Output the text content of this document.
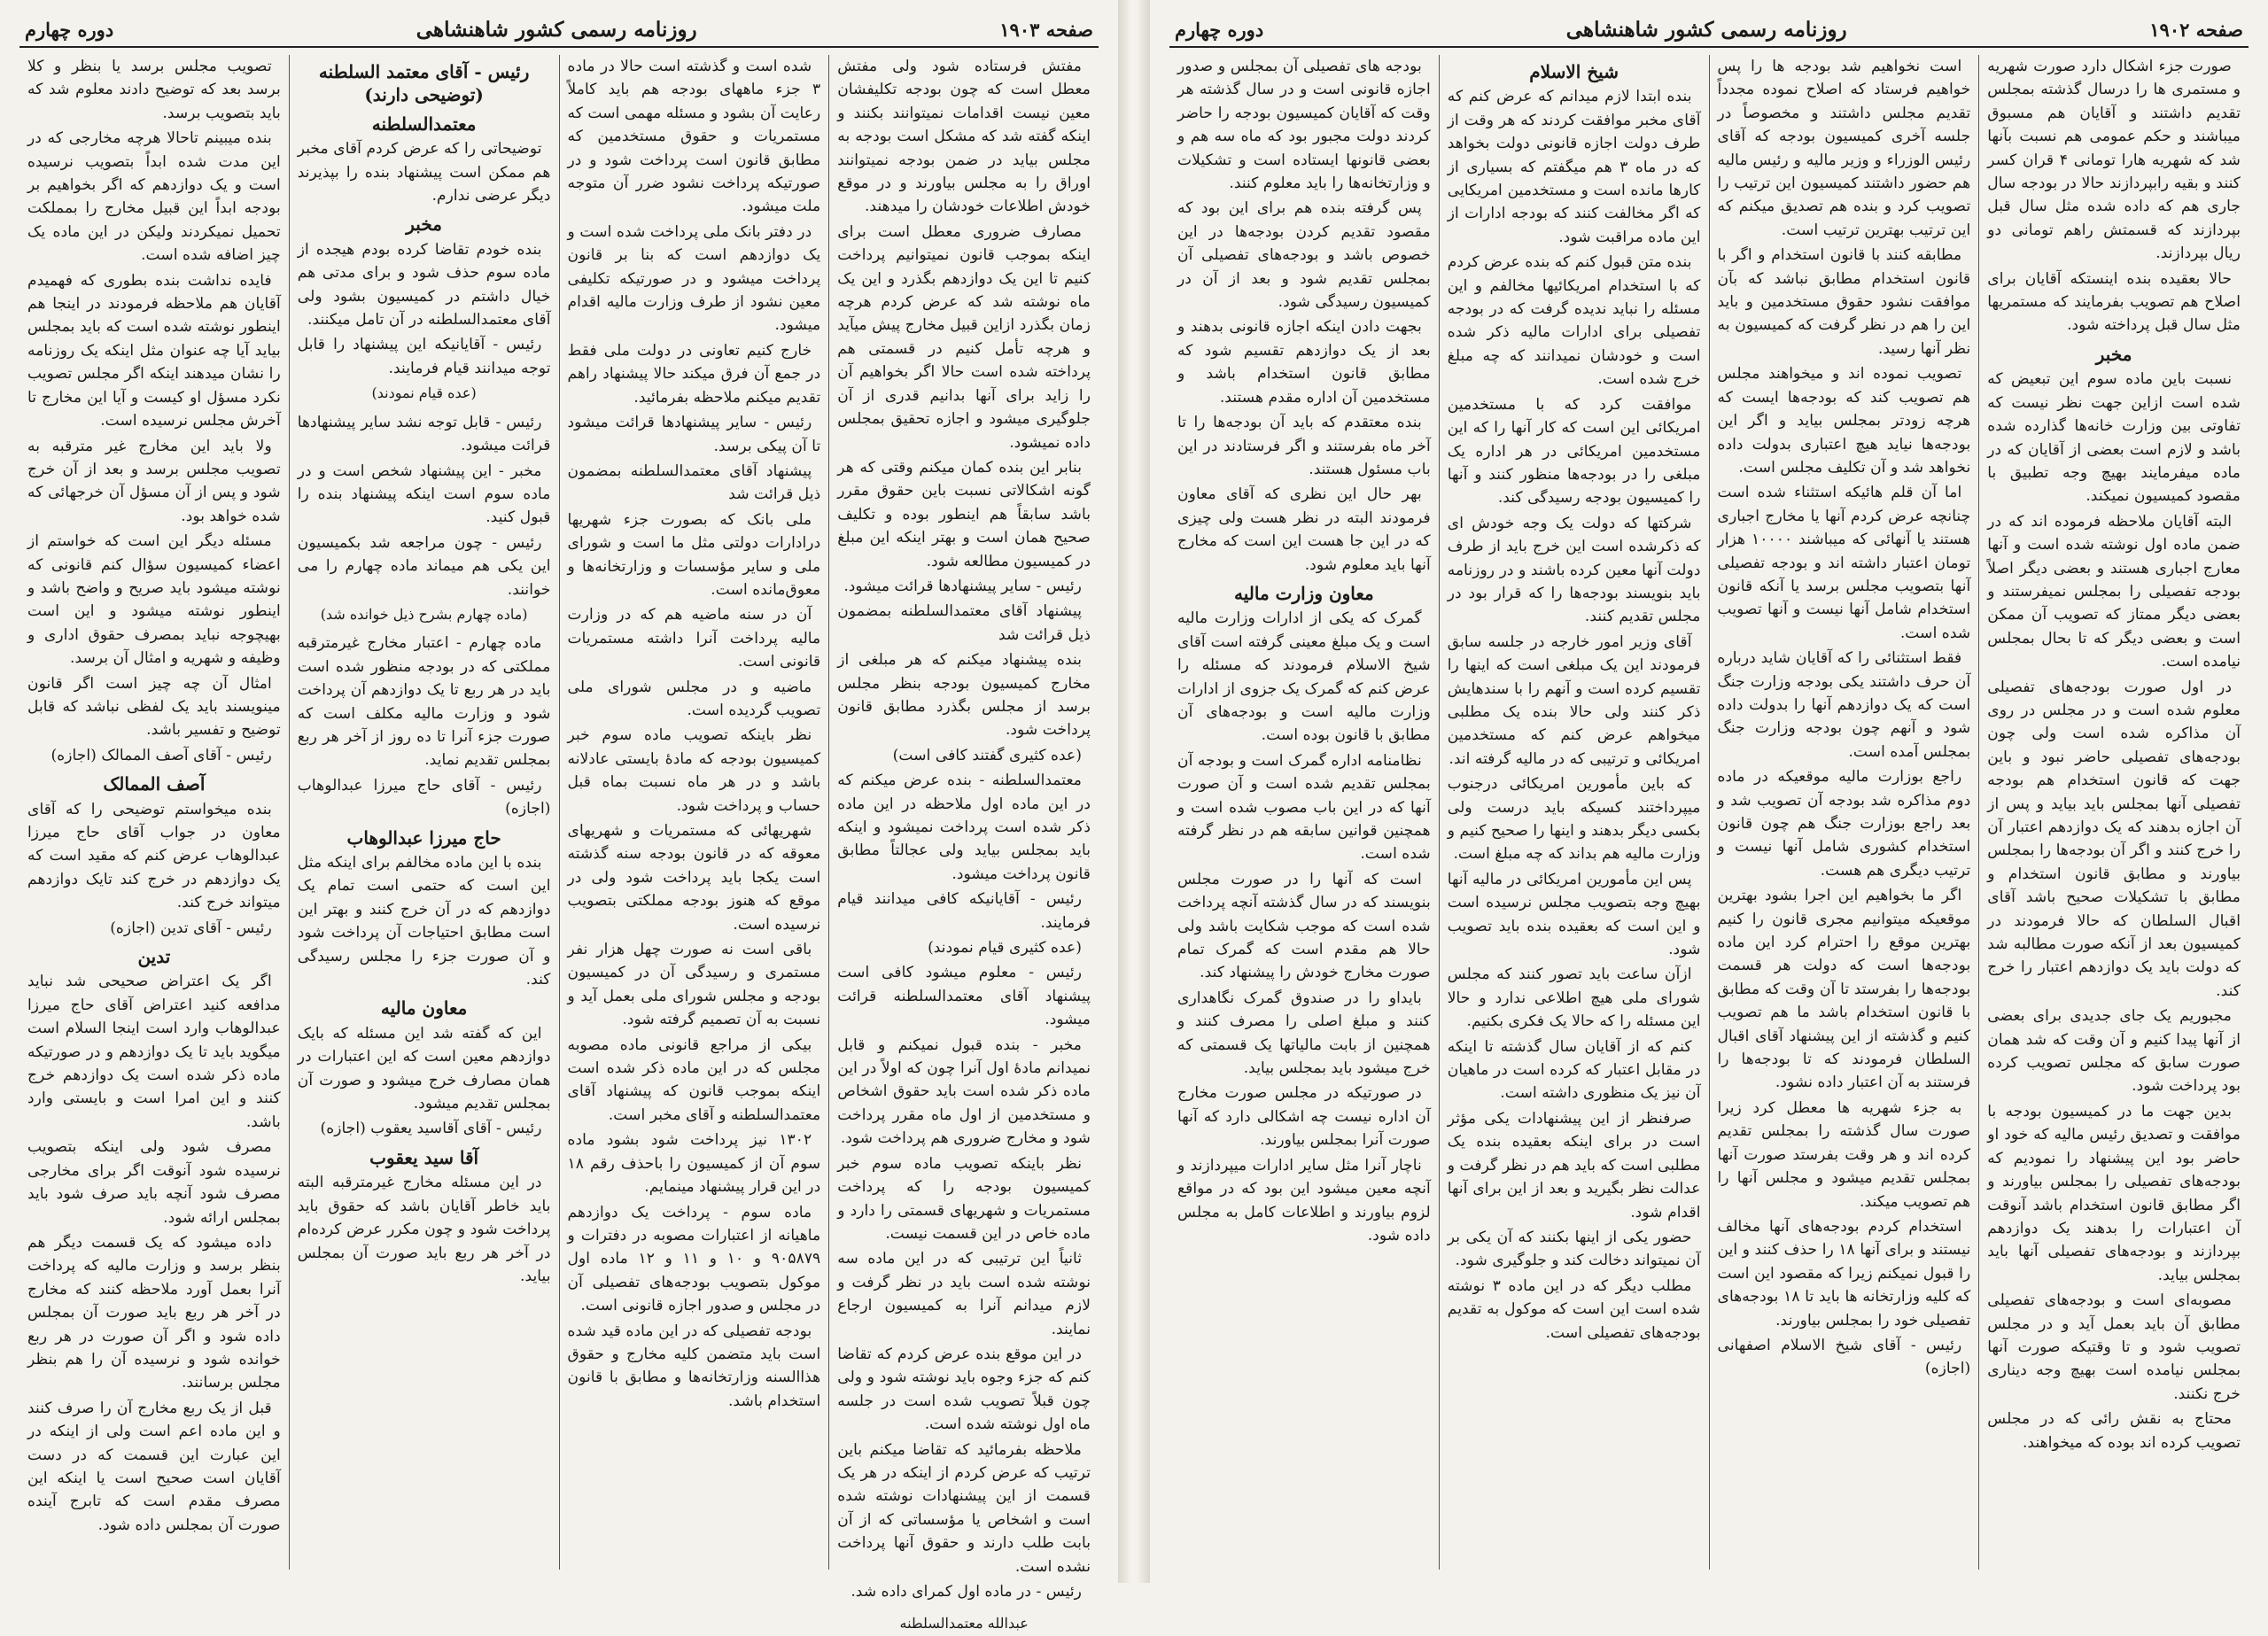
صفحه ۱۹۰۳
روزنامه رسمی کشور شاهنشاهی
دوره چهارم

مفتش فرستاده شود ولی مفتش معطل است که چون بودجه تکلیفشان معین نیست اقدامات نمیتوانند بکنند و اینکه گفته شد که مشکل است بودجه به مجلس بیاید در ضمن بودجه نمیتوانند اوراق را به مجلس بیاورند و در موقع خودش اطلاعات خودشان را میدهند.

مصارف ضروری معطل است برای اینکه بموجب قانون نمیتوانیم پرداخت کنیم تا این یک دوازدهم بگذرد و این یک ماه نوشته شد که عرض کردم هرچه زمان بگذرد ازاین قبیل مخارج پیش میآید و هرچه تأمل کنیم در قسمتی هم پرداخته شده است حالا اگر بخواهیم آن را زاید برای آنها بدانیم قدری از آن جلوگیری میشود و اجازه تحقیق بمجلس داده نمیشود.

بنابر این بنده کمان میکنم وقتی که هر گونه اشکالاتی نسبت باین حقوق مقرر باشد سابقاً هم اینطور بوده و تکلیف صحیح همان است و بهتر اینکه این مبلغ در کمیسیون مطالعه شود.

رئیس - سایر پیشنهادها قرائت میشود.

پیشنهاد آقای معتمدالسلطنه بمضمون ذیل قرائت شد

بنده پیشنهاد میکنم که هر مبلغی از مخارج کمیسیون بودجه بنظر مجلس برسد از مجلس بگذرد مطابق قانون پرداخت شود.

(عده کثیری گفتند کافی است)

معتمدالسلطنه - بنده عرض میکنم که در این ماده اول ملاحظه در این ماده ذکر شده است پرداخت نمیشود و اینکه باید بمجلس بیاید ولی عجالتاً مطابق قانون پرداخت میشود.

رئیس - آقایانیکه کافی میدانند قیام فرمایند.

(عده کثیری قیام نمودند)

رئیس - معلوم میشود کافی است پیشنهاد آقای معتمدالسلطنه قرائت میشود.

مخبر - بنده قبول نمیکنم و قابل نمیدانم مادهٔ اول آنرا چون که اولاً در این ماده ذکر شده است باید حقوق اشخاص و مستخدمین از اول ماه مقرر پرداخت شود و مخارج ضروری هم پرداخت شود.

نظر باینکه تصویب ماده سوم خبر کمیسیون بودجه را که پرداخت مستمریات و شهریهای قسمتی را دارد و ماده خاص در این قسمت نیست.

ثانیاً این ترتیبی که در این ماده سه نوشته شده است باید در نظر گرفت و لازم میدانم آنرا به کمیسیون ارجاع نمایند.

در این موقع بنده عرض کردم که تقاضا کنم که جزء وجوه باید نوشته شود و ولی چون قبلاً تصویب شده است در جلسه ماه اول نوشته شده است.

ملاحظه بفرمائید که تقاضا میکنم باین ترتیب که عرض کردم از اینکه در هر یک قسمت از این پیشنهادات نوشته شده است و اشخاص یا مؤسساتی که از آن بابت طلب دارند و حقوق آنها پرداخت نشده است.

رئیس - در ماده اول کمرای داده شد.

عبدالله معتمدالسلطنه

شده است و گذشته است حالا در ماده ۳ جزء ماههای بودجه هم باید کاملاً رعایت آن بشود و مسئله مهمی است که مستمریات و حقوق مستخدمین که مطابق قانون است پرداخت شود و در صورتیکه پرداخت نشود ضرر آن متوجه ملت میشود.

در دفتر بانک ملی پرداخت شده است و یک دوازدهم است که بنا بر قانون پرداخت میشود و در صورتیکه تکلیفی معین نشود از طرف وزارت مالیه اقدام میشود.

خارج کنیم تعاونی در دولت ملی فقط در جمع آن فرق میکند حالا پیشنهاد راهم تقدیم میکنم ملاحظه بفرمائید.

رئیس - سایر پیشنهادها قرائت میشود تا آن پیکی برسد.

پیشنهاد آقای معتمدالسلطنه بمضمون ذیل قرائت شد

ملی بانک که بصورت جزء شهریها درادارات دولتی مثل ما است و شورای ملی و سایر مؤسسات و وزارتخانه‌ها و معوق‌مانده است.

آن در سنه ماضیه هم که در وزارت مالیه پرداخت آنرا داشته مستمریات قانونی است.

ماضیه و در مجلس شورای ملی تصویب گردیده است.

نظر باینکه تصویب ماده سوم خبر کمیسیون بودجه که مادهٔ بایستی عادلانه باشد و در هر ماه نسبت بماه قبل حساب و پرداخت شود.

شهریهائی که مستمریات و شهریهای معوقه که در قانون بودجه سنه گذشته است یکجا باید پرداخت شود ولی در موقع که هنوز بودجه مملکتی بتصویب نرسیده است.

باقی است نه صورت چهل هزار نفر مستمری و رسیدگی آن در کمیسیون بودجه و مجلس شورای ملی بعمل آید و نسبت به آن تصمیم گرفته شود.

بیکی از مراجع قانونی ماده مصوبه مجلس که در این ماده ذکر شده است اینکه بموجب قانون که پیشنهاد آقای معتمدالسلطنه و آقای مخبر است.

۱۳۰۲ نیز پرداخت شود بشود ماده سوم آن از کمیسیون را باحذف رقم ۱۸ در این قرار پیشنهاد مینمایم.

ماده سوم - پرداخت یک دوازدهم ماهیانه از اعتبارات مصوبه در دفترات و ۹۰۵۸۷۹ و ۱۰ و ۱۱ و ۱۲ ماده اول موکول بتصویب بودجه‌های تفصیلی آن در مجلس و صدور اجازه قانونی است.

بودجه تفصیلی که در این ماده قید شده است باید متضمن کلیه مخارج و حقوق هذاالسنه وزارتخانه‌ها و مطابق با قانون استخدام باشد.

رئیس - آقای معتمد السلطنه (توضیحی دارند)
معتمدالسلطنه

توضیحاتی را که عرض کردم آقای مخبر هم ممکن است پیشنهاد بنده را بپذیرند دیگر عرضی ندارم.

مخبر

بنده خودم تقاضا کرده بودم هیجده از ماده سوم حذف شود و برای مدتی هم خیال داشتم در کمیسیون بشود ولی آقای معتمدالسلطنه در آن تامل میکنند.

رئیس - آقایانیکه این پیشنهاد را قابل توجه میدانند قیام فرمایند.

(عده قیام نمودند)

رئیس - قابل توجه نشد سایر پیشنهادها قرائت میشود.

مخبر - این پیشنهاد شخص است و در ماده سوم است اینکه پیشنهاد بنده را قبول کنید.

رئیس - چون مراجعه شد بکمیسیون این یکی هم میماند ماده چهارم را می خوانند.

(ماده چهارم بشرح ذیل خوانده شد)

ماده چهارم - اعتبار مخارج غیرمترقبه مملکتی که در بودجه منظور شده است باید در هر ربع تا یک دوازدهم آن پرداخت شود و وزارت مالیه مکلف است که صورت جزء آنرا تا ده روز از آخر هر ربع بمجلس تقدیم نماید.

رئیس - آقای حاج میرزا عبدالوهاب (اجازه)

حاج میرزا عبدالوهاب

بنده با این ماده مخالفم برای اینکه مثل این است که حتمی است تمام یک دوازدهم که در آن خرج کنند و بهتر این است مطابق احتیاجات آن پرداخت شود و آن صورت جزء را مجلس رسیدگی کند.

معاون مالیه

این که گفته شد این مسئله که بایک دوازدهم معین است که این اعتبارات در همان مصارف خرج میشود و صورت آن بمجلس تقدیم میشود.

رئیس - آقای آقاسید یعقوب (اجازه)

آقا سید یعقوب

در این مسئله مخارج غیرمترقبه البته باید خاطر آقایان باشد که حقوق باید پرداخت شود و چون مکرر عرض کرده‌ام در آخر هر ربع باید صورت آن بمجلس بیاید.

تصویب مجلس برسد یا بنظر و کلا برسد بعد که توضیح دادند معلوم شد که باید بتصویب برسد.

بنده میبینم تاحالا هرچه مخارجی که در این مدت شده ابداً بتصویب نرسیده است و یک دوازدهم که اگر بخواهیم بر بودجه ابداً این قبیل مخارج را بمملکت تحمیل نمیکردند ولیکن در این ماده یک چیز اضافه شده است.

فایده نداشت بنده بطوری که فهمیدم آقایان هم ملاحظه فرمودند در اینجا هم اینطور نوشته شده است که باید بمجلس بیاید آیا چه عنوان مثل اینکه یک روزنامه را نشان میدهند اینکه اگر مجلس تصویب نکرد مسؤل او کیست و آیا این مخارج تا آخرش مجلس نرسیده است.

ولا باید این مخارج غیر مترقبه به تصویب مجلس برسد و بعد از آن خرج شود و پس از آن مسؤل آن خرجهائی که شده خواهد بود.

مسئله دیگر این است که خواستم از اعضاء کمیسیون سؤال کنم قانونی که نوشته میشود باید صریح و واضح باشد و اینطور نوشته میشود و این است بهیچوجه نباید بمصرف حقوق اداری و وظیفه و شهریه و امثال آن برسد.

امثال آن چه چیز است اگر قانون مینویسند باید یک لفظی نباشد که قابل توضیح و تفسیر باشد.

رئیس - آقای آصف الممالک (اجازه)

آصف الممالک

بنده میخواستم توضیحی را که آقای معاون در جواب آقای حاج میرزا عبدالوهاب عرض کنم که مقید است که یک دوازدهم در خرج کند تایک دوازدهم میتواند خرج کند.

رئیس - آقای تدین (اجازه)

تدین

اگر یک اعتراض صحیحی شد نباید مدافعه کنید اعتراض آقای حاج میرزا عبدالوهاب وارد است اینجا السلام است میگوید باید تا یک دوازدهم و در صورتیکه ماده ذکر شده است یک دوازدهم خرج کنند و این امرا است و بایستی وارد باشد.

مصرف شود ولی اینکه بتصویب نرسیده شود آنوقت اگر برای مخارجی مصرف شود آنچه باید صرف شود باید بمجلس ارائه شود.

داده میشود که یک قسمت دیگر هم بنظر برسد و وزارت مالیه که پرداخت آنرا بعمل آورد ملاحظه کنند که مخارج در آخر هر ربع باید صورت آن بمجلس داده شود و اگر آن صورت در هر ربع خوانده شود و نرسیده آن را هم بنظر مجلس برسانند.

قبل از یک ربع مخارج آن را صرف کنند و این ماده اعم است ولی از اینکه در این عبارت این قسمت که در دست آقایان است صحیح است یا اینکه این مصرف مقدم است که تابرج آینده صورت آن بمجلس داده شود.

صفحه ۱۹۰۲
روزنامه رسمی کشور شاهنشاهی
دوره چهارم

صورت جزء اشکال دارد صورت شهریه و مستمری ها را درسال گذشته بمجلس تقدیم داشتند و آقایان هم مسبوق میباشند و حکم عمومی هم نسبت بآنها شد که شهریه هارا تومانی ۴ قران کسر کنند و بقیه رابپردازند حالا در بودجه سال جاری هم که داده شده مثل سال قبل بپردازند که قسمتش راهم تومانی دو ریال بپردازند.

حالا بعقیده بنده اینستکه آقایان برای اصلاح هم تصویب بفرمایند که مستمریها مثل سال قبل پرداخته شود.

مخبر

نسبت باین ماده سوم این تبعیض که شده است ازاین جهت نظر نیست که تفاوتی بین وزارت خانه‌ها گذارده شده باشد و لازم است بعضی از آقایان که در ماده میفرمایند بهیچ وجه تطبیق با مقصود کمیسیون نمیکند.

البته آقایان ملاحظه فرموده اند که در ضمن ماده اول نوشته شده است و آنها معارج اجباری هستند و بعضی دیگر اصلاً بودجه تفصیلی را بمجلس نمیفرستند و بعضی دیگر ممتاز که تصویب آن ممکن است و بعضی دیگر که تا بحال بمجلس نیامده است.

در اول صورت بودجه‌های تفصیلی معلوم شده است و در مجلس در روی آن مذاکره شده است ولی چون بودجه‌های تفصیلی حاضر نبود و باین جهت که قانون استخدام هم بودجه تفصیلی آنها بمجلس باید بیاید و پس از آن اجازه بدهند که یک دوازدهم اعتبار آن را خرج کنند و اگر آن بودجه‌ها را بمجلس بیاورند و مطابق قانون استخدام و مطابق با تشکیلات صحیح باشد آقای اقبال السلطان که حالا فرمودند در کمیسیون بعد از آنکه صورت مطالبه شد که دولت باید یک دوازدهم اعتبار را خرج کند.

مجبوریم یک جای جدیدی برای بعضی از آنها پیدا کنیم و آن وقت که شد همان صورت سابق که مجلس تصویب کرده بود پرداخت شود.

بدین جهت ما در کمیسیون بودجه با موافقت و تصدیق رئیس مالیه که خود او حاضر بود این پیشنهاد را نمودیم که بودجه‌های تفصیلی را بمجلس بیاورند و اگر مطابق قانون استخدام باشد آنوقت آن اعتبارات را بدهند یک دوازدهم بپردازند و بودجه‌های تفصیلی آنها باید بمجلس بیاید.

مصوبه‌ای است و بودجه‌های تفصیلی مطابق آن باید بعمل آید و در مجلس تصویب شود و تا وقتیکه صورت آنها بمجلس نیامده است بهیچ وجه دیناری خرج نکنند.

محتاج به نقش رائی که در مجلس تصویب کرده اند بوده که میخواهند.

است نخواهیم شد بودجه ها را پس خواهیم فرستاد که اصلاح نموده مجدداً تقدیم مجلس داشتند و مخصوصاً در جلسه آخری کمیسیون بودجه که آقای رئیس الوزراء و وزیر مالیه و رئیس مالیه هم حضور داشتند کمیسیون این ترتیب را تصویب کرد و بنده هم تصدیق میکنم که این ترتیب بهترین ترتیب است.

مطابقه کنند با قانون استخدام و اگر با قانون استخدام مطابق نباشد که بآن موافقت نشود حقوق مستخدمین و باید این را هم در نظر گرفت که کمیسیون به نظر آنها رسید.

تصویب نموده اند و میخواهند مجلس هم تصویب کند که بودجه‌ها ایست که هرچه زودتر بمجلس بیاید و اگر این بودجه‌ها نیاید هیچ اعتباری بدولت داده نخواهد شد و آن تکلیف مجلس است.

اما آن قلم هائیکه استثناء شده است چنانچه عرض کردم آنها یا مخارج اجباری هستند یا آنهائی که میباشند ۱۰۰۰۰ هزار تومان اعتبار داشته اند و بودجه تفصیلی آنها بتصویب مجلس برسد یا آنکه قانون استخدام شامل آنها نیست و آنها تصویب شده است.

فقط استثنائی را که آقایان شاید درباره آن حرف داشتند یکی بودجه وزارت جنگ است که یک دوازدهم آنها را بدولت داده شود و آنهم چون بودجه وزارت جنگ بمجلس آمده است.

راجع بوزارت مالیه موقعیکه در ماده دوم مذاکره شد بودجه آن تصویب شد و بعد راجع بوزارت جنگ هم چون قانون استخدام کشوری شامل آنها نیست و ترتیب دیگری هم هست.

اگر ما بخواهیم این اجرا بشود بهترین موقعیکه میتوانیم مجری قانون را کنیم بهترین موقع را احترام کرد این ماده بودجه‌ها است که دولت هر قسمت بودجه‌ها را بفرستد تا آن وقت که مطابق با قانون استخدام باشد ما هم تصویب کنیم و گذشته از این پیشنهاد آقای اقبال السلطان فرمودند که تا بودجه‌ها را فرستند به آن اعتبار داده نشود.

به جزء شهریه ها معطل کرد زیرا صورت سال گذشته را بمجلس تقدیم کرده اند و هر وقت بفرستد صورت آنها بمجلس تقدیم میشود و مجلس آنها را هم تصویب میکند.

استخدام کردم بودجه‌های آنها مخالف نیستند و برای آنها ۱۸ را حذف کنند و این را قبول نمیکنم زیرا که مقصود این است که کلیه وزارتخانه ها باید تا ۱۸ بودجه‌های تفصیلی خود را بمجلس بیاورند.

رئیس - آقای شیخ الاسلام اصفهانی (اجازه)

شیخ الاسلام

بنده ابتدا لازم میدانم که عرض کنم که آقای مخبر موافقت کردند که هر وقت از طرف دولت اجازه قانونی دولت بخواهد که در ماه ۳ هم میگفتم که بسیاری از کارها مانده است و مستخدمین امریکایی که اگر مخالفت کنند که بودجه ادارات از این ماده مراقبت شود.

بنده متن قبول کنم که بنده عرض کردم که با استخدام امریکائیها مخالفم و این مسئله را نباید ندیده گرفت که در بودجه تفصیلی برای ادارات مالیه ذکر شده است و خودشان نمیدانند که چه مبلغ خرج شده است.

موافقت کرد که با مستخدمین امریکائی این است که کار آنها را که این مستخدمین امریکائی در هر اداره یک مبلغی را در بودجه‌ها منظور کنند و آنها را کمیسیون بودجه رسیدگی کند.

شرکتها که دولت یک وجه خودش ای که ذکرشده است این خرج باید از طرف دولت آنها معین کرده باشند و در روزنامه باید بنویسند بودجه‌ها را که قرار بود در مجلس تقدیم کنند.

آقای وزیر امور خارجه در جلسه سابق فرمودند این یک مبلغی است که اینها را تقسیم کرده است و آنهم را با سندهایش ذکر کنند ولی حالا بنده یک مطلبی میخواهم عرض کنم که مستخدمین امریکائی و ترتیبی که در مالیه گرفته اند.

که باین مأمورین امریکائی درجنوب میپرداختند کسیکه باید درست ولی بکسی دیگر بدهند و اینها را صحیح کنیم و وزارت مالیه هم بداند که چه مبلغ است.

پس این مأمورین امریکائی در مالیه آنها بهیچ وجه بتصویب مجلس نرسیده است و این است که بعقیده بنده باید تصویب شود.

ازآن ساعت باید تصور کنند که مجلس شورای ملی هیچ اطلاعی ندارد و حالا این مسئله را که حالا یک فکری بکنیم.

کنم که از آقایان سال گذشته تا اینکه در مقابل اعتبار که کرده است در ماهیان آن نیز یک منظوری داشته است.

صرفنظر از این پیشنهادات یکی مؤثر است در برای اینکه بعقیده بنده یک مطلبی است که باید هم در نظر گرفت و عدالت نظر بگیرید و بعد از این برای آنها اقدام شود.

حضور یکی از اینها بکنند که آن یکی بر آن نمیتواند دخالت کند و جلوگیری شود.

مطلب دیگر که در این ماده ۳ نوشته شده است این است که موکول به تقدیم بودجه‌های تفصیلی است.

بودجه های تفصیلی آن بمجلس و صدور اجازه قانونی است و در سال گذشته هر وقت که آقایان کمیسیون بودجه را حاضر کردند دولت مجبور بود که ماه سه هم و بعضی قانونها ایستاده است و تشکیلات و وزارتخانه‌ها را باید معلوم کنند.

پس گرفته بنده هم برای این بود که مقصود تقدیم کردن بودجه‌ها در این خصوص باشد و بودجه‌های تفصیلی آن بمجلس تقدیم شود و بعد از آن در کمیسیون رسیدگی شود.

بجهت دادن اینکه اجازه قانونی بدهند و بعد از یک دوازدهم تقسیم شود که مطابق قانون استخدام باشد و مستخدمین آن اداره مقدم هستند.

بنده معتقدم که باید آن بودجه‌ها را تا آخر ماه بفرستند و اگر فرستادند در این باب مسئول هستند.

بهر حال این نظری که آقای معاون فرمودند البته در نظر هست ولی چیزی که در این جا هست این است که مخارج آنها باید معلوم شود.

معاون وزارت مالیه

گمرک که یکی از ادارات وزارت مالیه است و یک مبلغ معینی گرفته است آقای شیخ الاسلام فرمودند که مسئله را عرض کنم که گمرک یک جزوی از ادارات وزارت مالیه است و بودجه‌های آن مطابق با قانون بوده است.

نظامنامه اداره گمرک است و بودجه آن بمجلس تقدیم شده است و آن صورت آنها که در این باب مصوب شده است و همچنین قوانین سابقه هم در نظر گرفته شده است.

است که آنها را در صورت مجلس بنویسند که در سال گذشته آنچه پرداخت شده است که موجب شکایت باشد ولی حالا هم مقدم است که گمرک تمام صورت مخارج خودش را پیشنهاد کند.

بایداو را در صندوق گمرک نگاهداری کنند و مبلغ اصلی را مصرف کنند و همچنین از بابت مالیاتها یک قسمتی که خرج میشود باید بمجلس بیاید.

در صورتیکه در مجلس صورت مخارج آن اداره نیست چه اشکالی دارد که آنها صورت آنرا بمجلس بیاورند.

ناچار آنرا مثل سایر ادارات میپردازند و آنچه معین میشود این بود که در مواقع لزوم بیاورند و اطلاعات کامل به مجلس داده شود.
